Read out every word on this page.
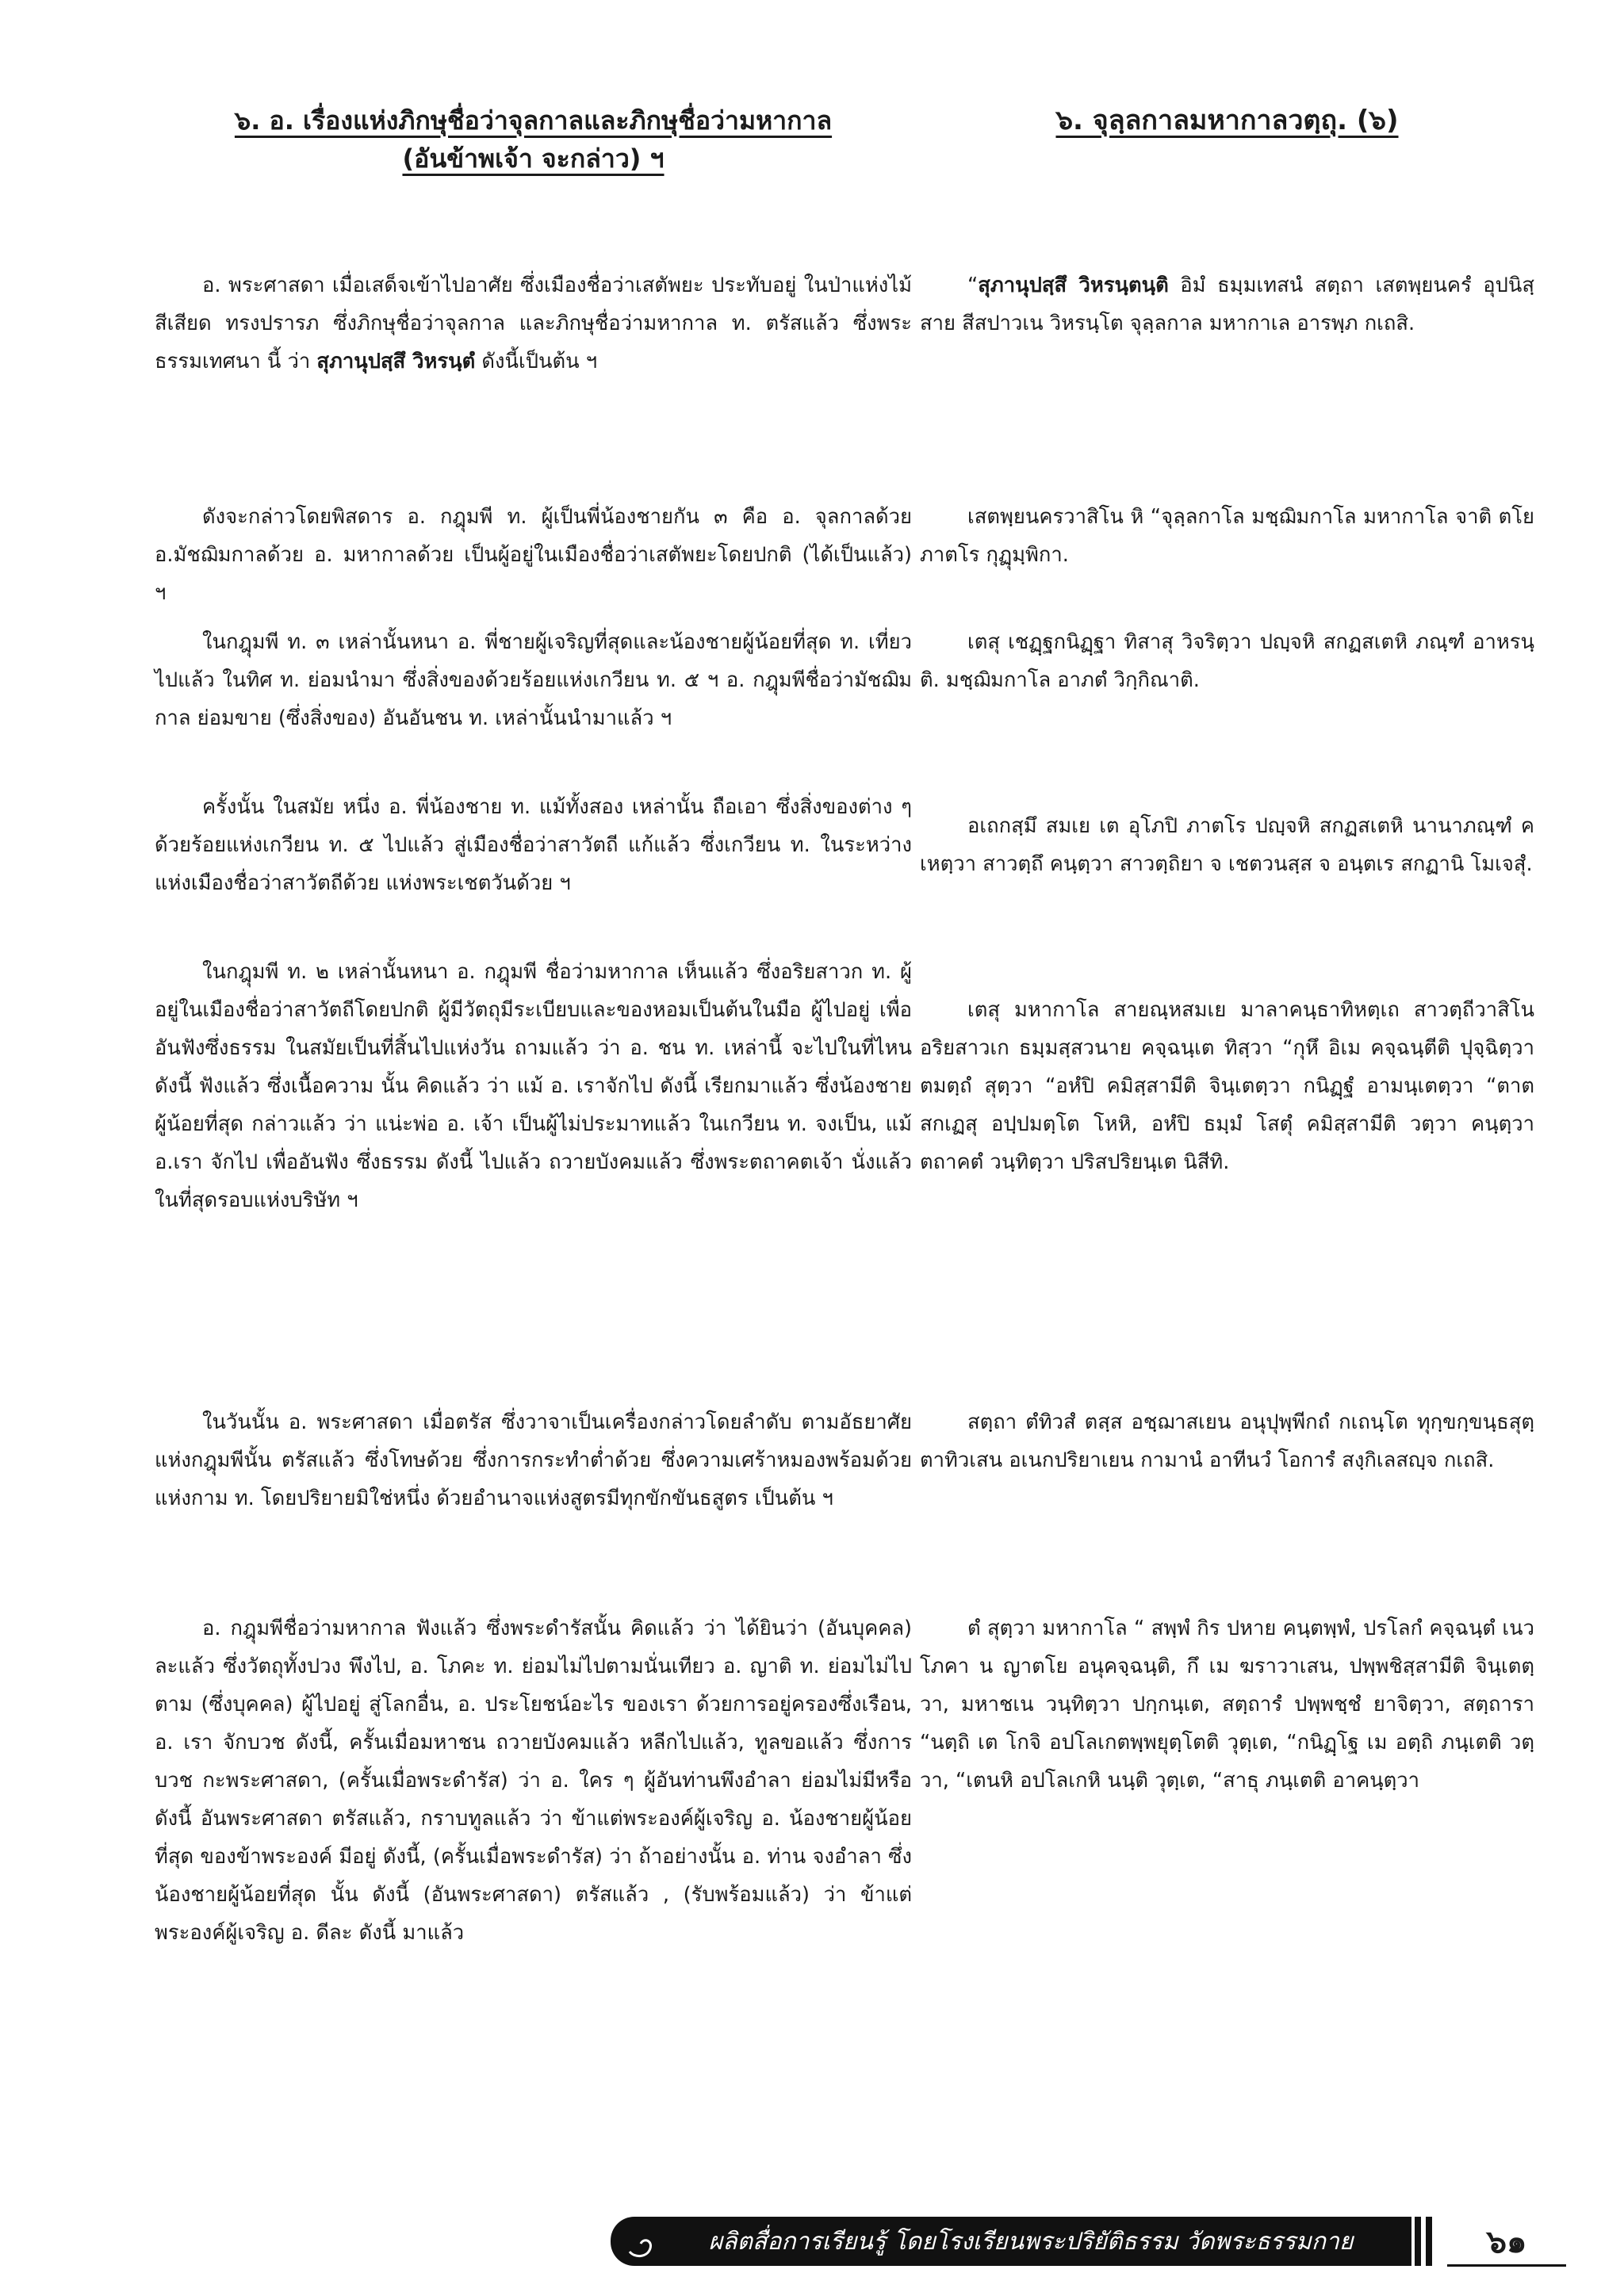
๖. อ. เรื่องแห่งภิกษุชื่อว่าจุลกาลและภิกษุชื่อว่ามหากาล
(อันข้าพเจ้า จะกล่าว) ฯ

อ. พระศาสดา เมื่อเสด็จเข้าไปอาศัย ซึ่งเมืองชื่อว่าเสตัพยะ ประทับอยู่ ในป่าแห่งไม้สีเสียด ทรงปรารภ ซึ่งภิกษุชื่อว่าจุลกาล และภิกษุชื่อว่ามหากาล ท. ตรัสแล้ว ซึ่งพระธรรมเทศนา นี้ ว่า สุภานุปสฺสึ วิหรนฺตํ ดังนี้เป็นต้น ฯ

ดังจะกล่าวโดยพิสดาร อ. กฎุมพี ท. ผู้เป็นพี่น้องชายกัน ๓ คือ อ. จุลกาลด้วย อ.มัชฌิมกาลด้วย อ. มหากาลด้วย เป็นผู้อยู่ในเมืองชื่อว่าเสตัพยะโดยปกติ (ได้เป็นแล้ว) ฯ

ในกฎุมพี ท. ๓ เหล่านั้นหนา อ. พี่ชายผู้เจริญที่สุดและน้องชายผู้น้อยที่สุด ท. เที่ยวไปแล้ว ในทิศ ท. ย่อมนำมา ซึ่งสิ่งของด้วยร้อยแห่งเกวียน ท. ๕ ฯ อ. กฎุมพีชื่อว่ามัชฌิมกาล ย่อมขาย (ซึ่งสิ่งของ) อันอันชน ท. เหล่านั้นนำมาแล้ว ฯ

ครั้งนั้น ในสมัย หนึ่ง อ. พี่น้องชาย ท. แม้ทั้งสอง เหล่านั้น ถือเอา ซึ่งสิ่งของต่าง ๆ ด้วยร้อยแห่งเกวียน ท. ๕ ไปแล้ว สู่เมืองชื่อว่าสาวัตถี แก้แล้ว ซึ่งเกวียน ท. ในระหว่าง แห่งเมืองชื่อว่าสาวัตถีด้วย แห่งพระเชตวันด้วย ฯ

ในกฎุมพี ท. ๒ เหล่านั้นหนา อ. กฎุมพี ชื่อว่ามหากาล เห็นแล้ว ซึ่งอริยสาวก ท. ผู้อยู่ในเมืองชื่อว่าสาวัตถีโดยปกติ ผู้มีวัตถุมีระเบียบและของหอมเป็นต้นในมือ ผู้ไปอยู่ เพื่ออันฟังซึ่งธรรม ในสมัยเป็นที่สิ้นไปแห่งวัน ถามแล้ว ว่า อ. ชน ท. เหล่านี้ จะไปในที่ไหน ดังนี้ ฟังแล้ว ซึ่งเนื้อความ นั้น คิดแล้ว ว่า แม้ อ. เราจักไป ดังนี้ เรียกมาแล้ว ซึ่งน้องชายผู้น้อยที่สุด กล่าวแล้ว ว่า แน่ะพ่อ อ. เจ้า เป็นผู้ไม่ประมาทแล้ว ในเกวียน ท. จงเป็น, แม้ อ.เรา จักไป เพื่ออันฟัง ซึ่งธรรม ดังนี้ ไปแล้ว ถวายบังคมแล้ว ซึ่งพระตถาคตเจ้า นั่งแล้ว ในที่สุดรอบแห่งบริษัท ฯ

ในวันนั้น อ. พระศาสดา เมื่อตรัส ซึ่งวาจาเป็นเครื่องกล่าวโดยลำดับ ตามอัธยาศัย แห่งกฎุมพีนั้น ตรัสแล้ว ซึ่งโทษด้วย ซึ่งการกระทำต่ำด้วย ซึ่งความเศร้าหมองพร้อมด้วย แห่งกาม ท. โดยปริยายมิใช่หนึ่ง ด้วยอำนาจแห่งสูตรมีทุกขักขันธสูตร เป็นต้น ฯ

อ. กฎุมพีชื่อว่ามหากาล ฟังแล้ว ซึ่งพระดำรัสนั้น คิดแล้ว ว่า ได้ยินว่า (อันบุคคล) ละแล้ว ซึ่งวัตถุทั้งปวง พึงไป, อ. โภคะ ท. ย่อมไม่ไปตามนั่นเทียว อ. ญาติ ท. ย่อมไม่ไปตาม (ซึ่งบุคคล) ผู้ไปอยู่ สู่โลกอื่น, อ. ประโยชน์อะไร ของเรา ด้วยการอยู่ครองซึ่งเรือน, อ. เรา จักบวช ดังนี้, ครั้นเมื่อมหาชน ถวายบังคมแล้ว หลีกไปแล้ว, ทูลขอแล้ว ซึ่งการบวช กะพระศาสดา, (ครั้นเมื่อพระดำรัส) ว่า อ. ใคร ๆ ผู้อันท่านพึงอำลา ย่อมไม่มีหรือ ดังนี้ อันพระศาสดา ตรัสแล้ว, กราบทูลแล้ว ว่า ข้าแต่พระองค์ผู้เจริญ อ. น้องชายผู้น้อยที่สุด ของข้าพระองค์ มีอยู่ ดังนี้, (ครั้นเมื่อพระดำรัส) ว่า ถ้าอย่างนั้น อ. ท่าน จงอำลา ซึ่งน้องชายผู้น้อยที่สุด นั้น ดังนี้ (อันพระศาสดา) ตรัสแล้ว , (รับพร้อมแล้ว) ว่า ข้าแต่พระองค์ผู้เจริญ อ. ดีละ ดังนี้ มาแล้ว

๖. จุลฺลกาลมหากาลวตฺถุ. (๖)

“สุภานุปสฺสึ วิหรนฺตนฺติ อิมํ ธมฺมเทสนํ สตฺถา เสตพฺยนครํ อุปนิสฺสาย สีสปาวเน วิหรนฺโต จุลฺลกาล มหากาเล อารพฺภ กเถสิ.

เสตพฺยนครวาสิโน หิ “จุลฺลกาโล มชฺฌิมกาโล มหากาโล จาติ ตโย ภาตโร กุฏุมฺพิกา.

เตสุ เชฏฺฐกนิฏฺฐา ทิสาสุ วิจริตฺวา ปญฺจหิ สกฏสเตหิ ภณฺฑํ อาหรนฺติ. มชฺฌิมกาโล อาภตํ วิกฺกิณาติ.

อเถกสฺมึ สมเย เต อุโภปิ ภาตโร ปญฺจหิ สกฏสเตหิ นานาภณฺฑํ คเหตฺวา สาวตฺถึ คนฺตฺวา สาวตฺถิยา จ เชตวนสฺส จ อนฺตเร สกฏานิ โมเจสุํ.

เตสุ มหากาโล สายณฺหสมเย มาลาคนฺธาทิหตฺเถ สาวตฺถีวาสิโน อริยสาวเก ธมฺมสฺสวนาย คจฺฉนฺเต ทิสฺวา “กุหึ อิเม คจฺฉนฺตีติ ปุจฺฉิตฺวา ตมตฺถํ สุตฺวา “อหํปิ คมิสฺสามีติ จินฺเตตฺวา กนิฏฺฐํ อามนฺเตตฺวา “ตาต สกเฏสุ อปฺปมตฺโต โหหิ, อหํปิ ธมฺมํ โสตุํ คมิสฺสามีติ วตฺวา คนฺตฺวา ตถาคตํ วนฺทิตฺวา ปริสปริยนฺเต นิสีทิ.

สตฺถา ตํทิวสํ ตสฺส อชฺฌาสเยน อนุปุพฺพีกถํ กเถนฺโต ทุกฺขกฺขนฺธสุตฺตาทิวเสน อเนกปริยาเยน กามานํ อาทีนวํ โอการํ สงฺกิเลสญฺจ กเถสิ.

ตํ สุตฺวา มหากาโล “ สพฺพํ กิร ปหาย คนฺตพฺพํ, ปรโลกํ คจฺฉนฺตํ เนว โภคา น ญาตโย อนุคจฺฉนฺติ, กึ เม ฆราวาเสน, ปพฺพชิสฺสามีติ จินฺเตตฺวา, มหาชเน วนฺทิตฺวา ปกฺกนฺเต, สตฺถารํ ปพฺพชฺชํ ยาจิตฺวา, สตฺถารา “นตฺถิ เต โกจิ อปโลเกตพฺพยุตฺโตติ วุตฺเต, “กนิฏฺโฐ เม อตฺถิ ภนฺเตติ วตฺวา, “เตนหิ อปโลเกหิ นนฺติ วุตฺเต, “สาธุ ภนฺเตติ อาคนฺตฺวา

ผลิตสื่อการเรียนรู้ โดยโรงเรียนพระปริยัติธรรม วัดพระธรรมกาย	๖๑
